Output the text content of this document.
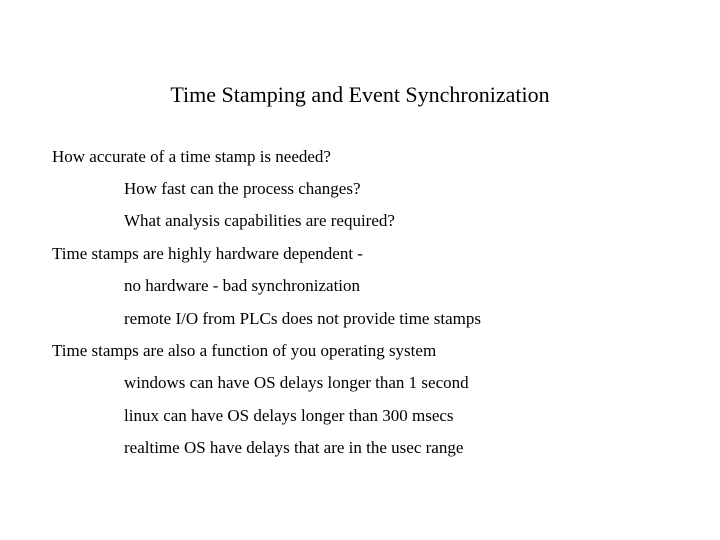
Time Stamping and Event Synchronization
How accurate of a time stamp is needed?
How fast can the process changes?
What analysis capabilities are required?
Time stamps are highly hardware dependent -
no hardware - bad synchronization
remote I/O from PLCs does not provide time stamps
Time stamps are also a function of you operating system
windows can have OS delays longer than 1 second
linux can have OS delays longer than 300 msecs
realtime OS have delays that are in the usec range
